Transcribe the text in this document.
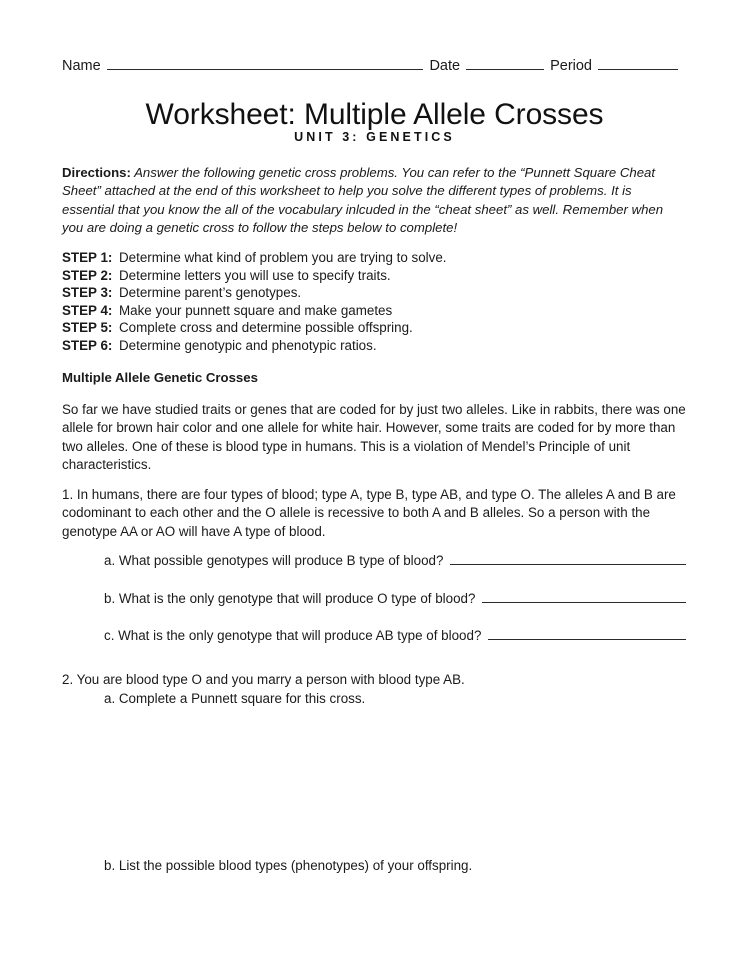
Name	Date	Period
Worksheet: Multiple Allele Crosses
UNIT 3: GENETICS
Directions: Answer the following genetic cross problems. You can refer to the “Punnett Square Cheat Sheet” attached at the end of this worksheet to help you solve the different types of problems. It is essential that you know the all of the vocabulary inlcuded in the “cheat sheet” as well. Remember when you are doing a genetic cross to follow the steps below to complete!
STEP 1: Determine what kind of problem you are trying to solve.
STEP 2: Determine letters you will use to specify traits.
STEP 3: Determine parent’s genotypes.
STEP 4: Make your punnett square and make gametes
STEP 5: Complete cross and determine possible offspring.
STEP 6: Determine genotypic and phenotypic ratios.
Multiple Allele Genetic Crosses
So far we have studied traits or genes that are coded for by just two alleles. Like in rabbits, there was one allele for brown hair color and one allele for white hair. However, some traits are coded for by more than two alleles. One of these is blood type in humans. This is a violation of Mendel’s Principle of unit characteristics.
1. In humans, there are four types of blood; type A, type B, type AB, and type O. The alleles A and B are codominant to each other and the O allele is recessive to both A and B alleles. So a person with the genotype AA or AO will have A type of blood.
a. What possible genotypes will produce B type of blood?
b. What is the only genotype that will produce O type of blood?
c. What is the only genotype that will produce AB type of blood?
2. You are blood type O and you marry a person with blood type AB.
a. Complete a Punnett square for this cross.
b. List the possible blood types (phenotypes) of your offspring.
